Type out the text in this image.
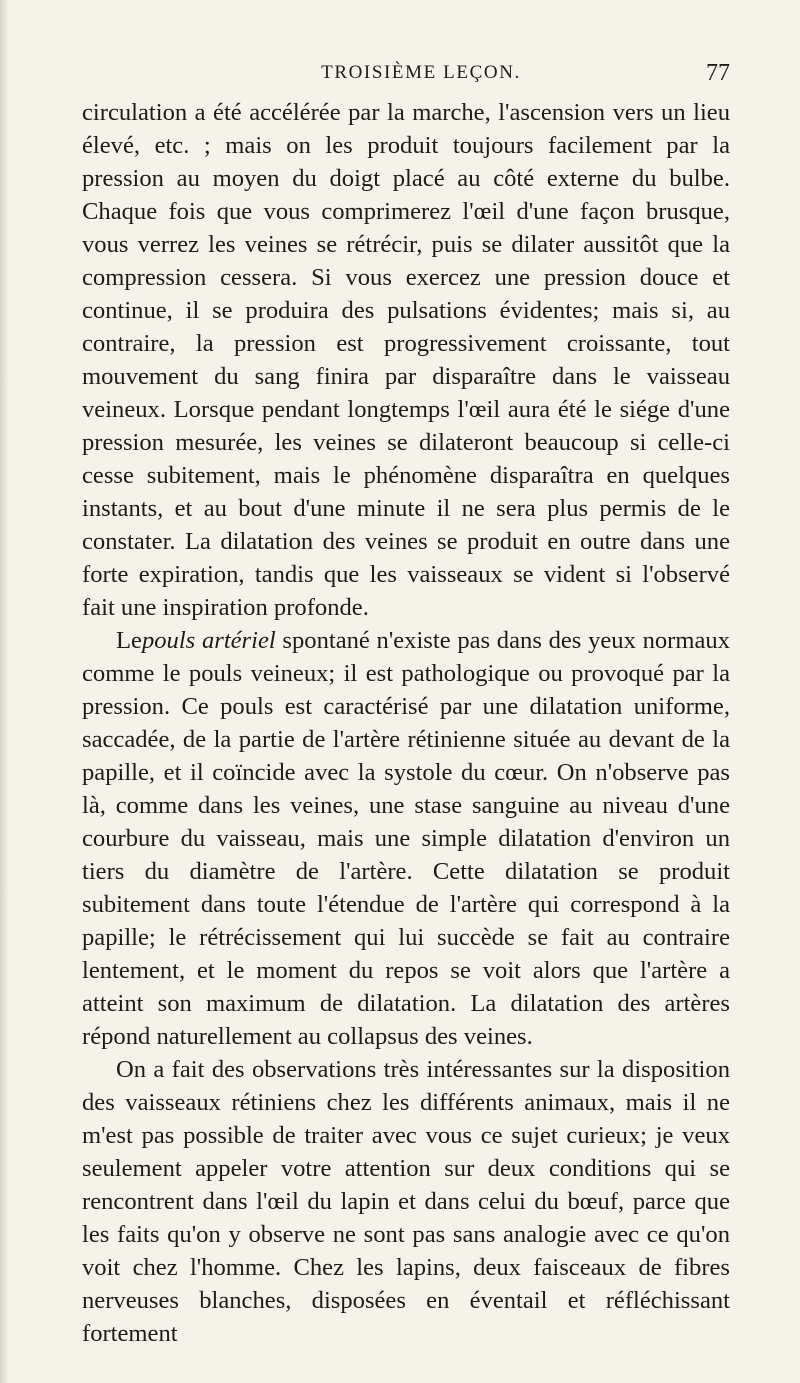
TROISIÈME LEÇON.	77

circulation a été accélérée par la marche, l'ascension vers un lieu élevé, etc. ; mais on les produit toujours facilement par la pression au moyen du doigt placé au côté externe du bulbe. Chaque fois que vous comprimerez l'œil d'une façon brusque, vous verrez les veines se rétrécir, puis se dilater aussitôt que la compression cessera. Si vous exercez une pression douce et continue, il se produira des pulsations évidentes; mais si, au contraire, la pression est progressivement croissante, tout mouvement du sang finira par disparaître dans le vaisseau veineux. Lorsque pendant longtemps l'œil aura été le siége d'une pression mesurée, les veines se dilateront beaucoup si celle-ci cesse subitement, mais le phénomène disparaîtra en quelques instants, et au bout d'une minute il ne sera plus permis de le constater. La dilatation des veines se produit en outre dans une forte expiration, tandis que les vaisseaux se vident si l'observé fait une inspiration profonde.

Lepouls artériel spontané n'existe pas dans des yeux normaux comme le pouls veineux; il est pathologique ou provoqué par la pression. Ce pouls est caractérisé par une dilatation uniforme, saccadée, de la partie de l'artère rétinienne située au devant de la papille, et il coïncide avec la systole du cœur. On n'observe pas là, comme dans les veines, une stase sanguine au niveau d'une courbure du vaisseau, mais une simple dilatation d'environ un tiers du diamètre de l'artère. Cette dilatation se produit subitement dans toute l'étendue de l'artère qui correspond à la papille; le rétrécissement qui lui succède se fait au contraire lentement, et le moment du repos se voit alors que l'artère a atteint son maximum de dilatation. La dilatation des artères répond naturellement au collapsus des veines.

On a fait des observations très intéressantes sur la disposition des vaisseaux rétiniens chez les différents animaux, mais il ne m'est pas possible de traiter avec vous ce sujet curieux; je veux seulement appeler votre attention sur deux conditions qui se rencontrent dans l'œil du lapin et dans celui du bœuf, parce que les faits qu'on y observe ne sont pas sans analogie avec ce qu'on voit chez l'homme. Chez les lapins, deux faisceaux de fibres nerveuses blanches, disposées en éventail et réfléchissant fortement
